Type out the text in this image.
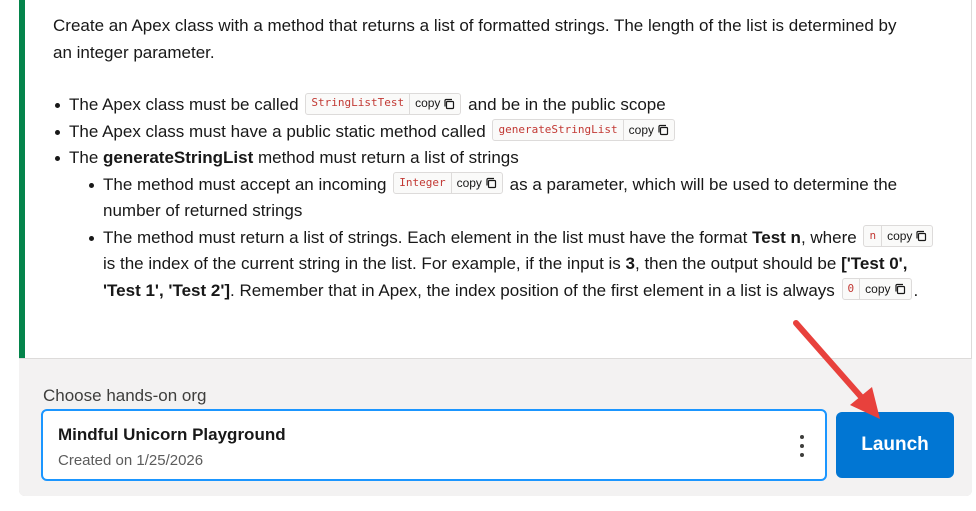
Create an Apex class with a method that returns a list of formatted strings. The length of the list is determined by an integer parameter.
The Apex class must be called	StringListTest copy and be in the public scope
The Apex class must have a public static method called	generateStringList copy
The generateStringList method must return a list of strings
The method must accept an incoming	Integer copy as a parameter, which will be used to determine the number of returned strings
The method must return a list of strings. Each element in the list must have the format Test n, where	n copy
is the index of the current string in the list. For example, if the input is 3, then the output should be ['Test 0', 'Test 1', 'Test 2']. Remember that in Apex, the index position of the first element in a list is always	0 copy .
Choose hands-on org
Mindful Unicorn Playground
Created on 1/25/2026
Launch
